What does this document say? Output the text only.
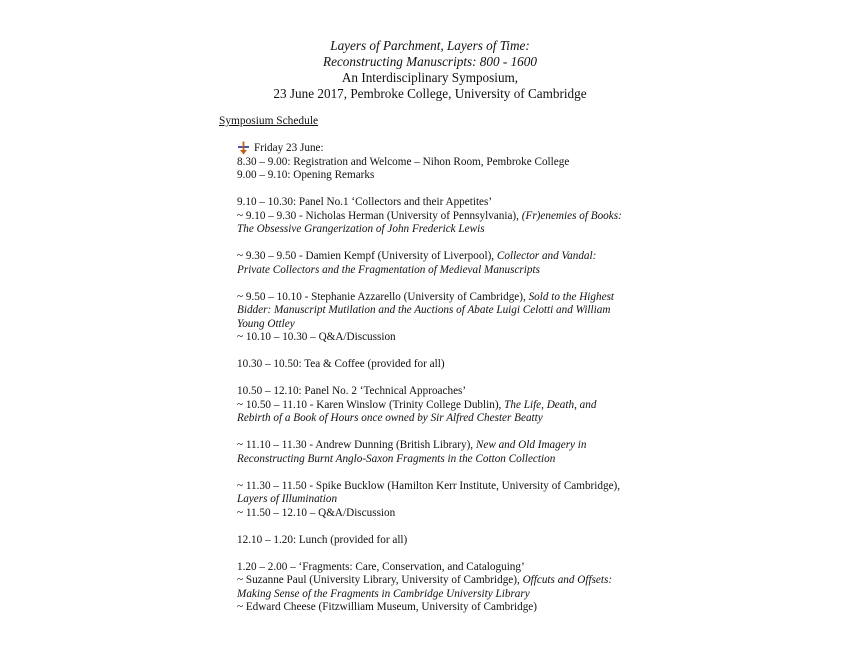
Layers of Parchment, Layers of Time:
Reconstructing Manuscripts: 800 - 1600
An Interdisciplinary Symposium,
23 June 2017, Pembroke College, University of Cambridge
Symposium Schedule
Friday 23 June:
8.30 – 9.00: Registration and Welcome – Nihon Room, Pembroke College
9.00 – 9.10: Opening Remarks
9.10 – 10.30: Panel No.1 ‘Collectors and their Appetites’
~ 9.10 – 9.30 - Nicholas Herman (University of Pennsylvania), (Fr)enemies of Books:
The Obsessive Grangerization of John Frederick Lewis
~ 9.30 – 9.50 - Damien Kempf (University of Liverpool), Collector and Vandal:
Private Collectors and the Fragmentation of Medieval Manuscripts
~ 9.50 – 10.10 - Stephanie Azzarello (University of Cambridge), Sold to the Highest
Bidder: Manuscript Mutilation and the Auctions of Abate Luigi Celotti and William
Young Ottley
~ 10.10 – 10.30 – Q&A/Discussion
10.30 – 10.50: Tea & Coffee (provided for all)
10.50 – 12.10: Panel No. 2 ‘Technical Approaches’
~ 10.50 – 11.10 - Karen Winslow (Trinity College Dublin), The Life, Death, and
Rebirth of a Book of Hours once owned by Sir Alfred Chester Beatty
~ 11.10 – 11.30 - Andrew Dunning (British Library), New and Old Imagery in
Reconstructing Burnt Anglo-Saxon Fragments in the Cotton Collection
~ 11.30 – 11.50 - Spike Bucklow (Hamilton Kerr Institute, University of Cambridge),
Layers of Illumination
~ 11.50 – 12.10 – Q&A/Discussion
12.10 – 1.20: Lunch (provided for all)
1.20 – 2.00 – ‘Fragments: Care, Conservation, and Cataloguing’
~ Suzanne Paul (University Library, University of Cambridge), Offcuts and Offsets:
Making Sense of the Fragments in Cambridge University Library
~ Edward Cheese (Fitzwilliam Museum, University of Cambridge)
